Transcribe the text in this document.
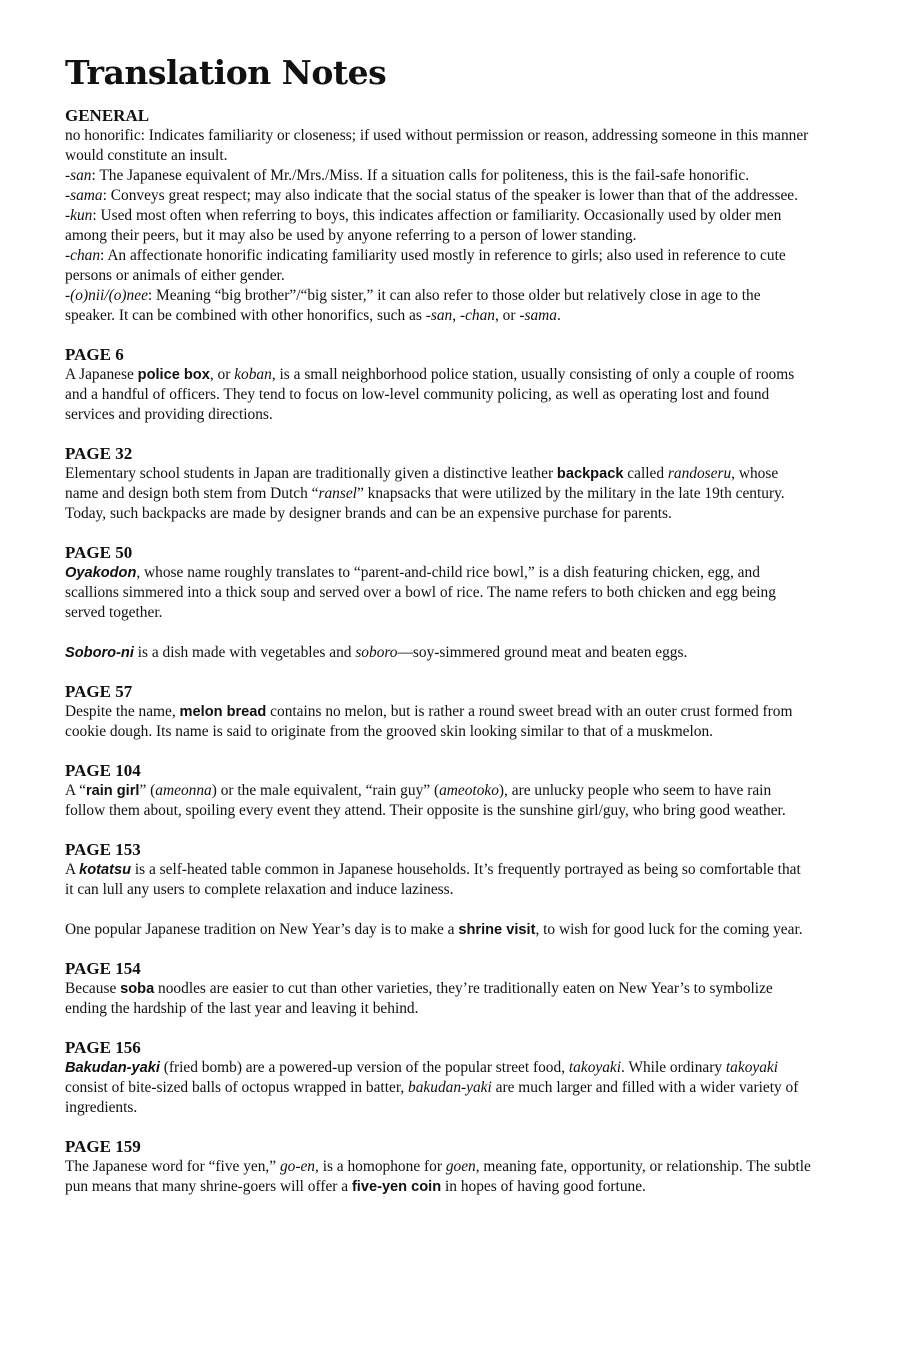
Translation Notes
GENERAL

no honorific: Indicates familiarity or closeness; if used without permission or reason, addressing someone in this manner would constitute an insult.

-san: The Japanese equivalent of Mr./Mrs./Miss. If a situation calls for politeness, this is the fail-safe honorific.

-sama: Conveys great respect; may also indicate that the social status of the speaker is lower than that of the addressee.

-kun: Used most often when referring to boys, this indicates affection or familiarity. Occasionally used by older men among their peers, but it may also be used by anyone referring to a person of lower standing.

-chan: An affectionate honorific indicating familiarity used mostly in reference to girls; also used in reference to cute persons or animals of either gender.

-(o)nii/(o)nee: Meaning “big brother”/“big sister,” it can also refer to those older but relatively close in age to the speaker. It can be combined with other honorifics, such as -san, -chan, or -sama.

PAGE 6

A Japanese police box, or koban, is a small neighborhood police station, usually consisting of only a couple of rooms and a handful of officers. They tend to focus on low-level community policing, as well as operating lost and found services and providing directions.

PAGE 32

Elementary school students in Japan are traditionally given a distinctive leather backpack called randoseru, whose name and design both stem from Dutch “ransel” knapsacks that were utilized by the military in the late 19th century. Today, such backpacks are made by designer brands and can be an expensive purchase for parents.

PAGE 50

Oyakodon, whose name roughly translates to “parent-and-child rice bowl,” is a dish featuring chicken, egg, and scallions simmered into a thick soup and served over a bowl of rice. The name refers to both chicken and egg being served together.

Soboro-ni is a dish made with vegetables and soboro—soy-simmered ground meat and beaten eggs.

PAGE 57

Despite the name, melon bread contains no melon, but is rather a round sweet bread with an outer crust formed from cookie dough. Its name is said to originate from the grooved skin looking similar to that of a muskmelon.

PAGE 104

A “rain girl” (ameonna) or the male equivalent, “rain guy” (ameotoko), are unlucky people who seem to have rain follow them about, spoiling every event they attend. Their opposite is the sunshine girl/guy, who bring good weather.

PAGE 153

A kotatsu is a self-heated table common in Japanese households. It’s frequently portrayed as being so comfortable that it can lull any users to complete relaxation and induce laziness.

One popular Japanese tradition on New Year’s day is to make a shrine visit, to wish for good luck for the coming year.

PAGE 154

Because soba noodles are easier to cut than other varieties, they’re traditionally eaten on New Year’s to symbolize ending the hardship of the last year and leaving it behind.

PAGE 156

Bakudan-yaki (fried bomb) are a powered-up version of the popular street food, takoyaki. While ordinary takoyaki consist of bite-sized balls of octopus wrapped in batter, bakudan-yaki are much larger and filled with a wider variety of ingredients.

PAGE 159

The Japanese word for “five yen,” go-en, is a homophone for goen, meaning fate, opportunity, or relationship. The subtle pun means that many shrine-goers will offer a five-yen coin in hopes of having good fortune.
